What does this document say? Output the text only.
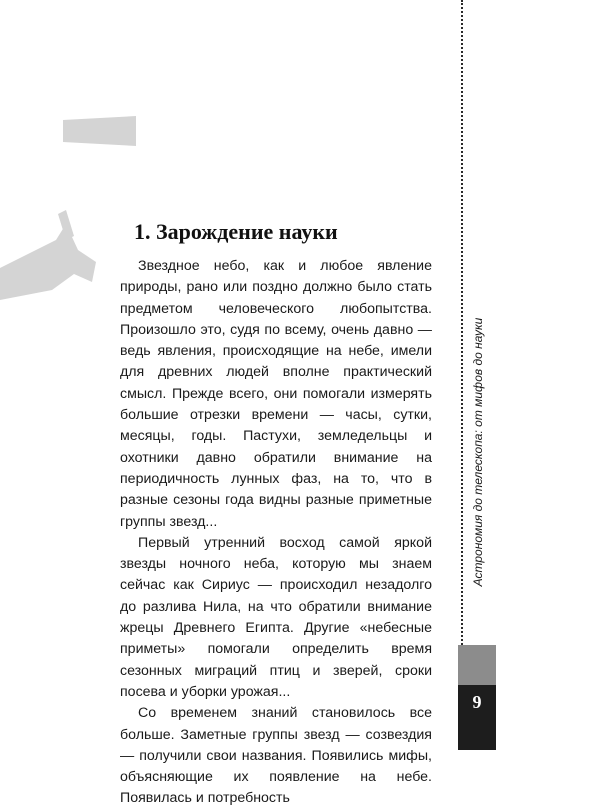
1. Зарождение науки

Звездное небо, как и любое явление природы, рано или поздно должно было стать предметом человеческого любопытства. Произошло это, судя по всему, очень давно — ведь явления, происходящие на небе, имели для древних людей вполне практический смысл. Прежде всего, они помогали измерять большие отрезки времени — часы, сутки, месяцы, годы. Пастухи, земледельцы и охотники давно обратили внимание на периодичность лунных фаз, на то, что в разные сезоны года видны разные приметные группы звезд...

Первый утренний восход самой яркой звезды ночного неба, которую мы знаем сейчас как Сириус — происходил незадолго до разлива Нила, на что обратили внимание жрецы Древнего Египта. Другие «небесные приметы» помогали определить время сезонных миграций птиц и зверей, сроки посева и уборки урожая...

Со временем знаний становилось все больше. Заметные группы звезд — созвездия — получили свои названия. Появились мифы, объясняющие их появление на небе. Появилась и потребность

Астрономия до телескопа: от мифов до науки
9
